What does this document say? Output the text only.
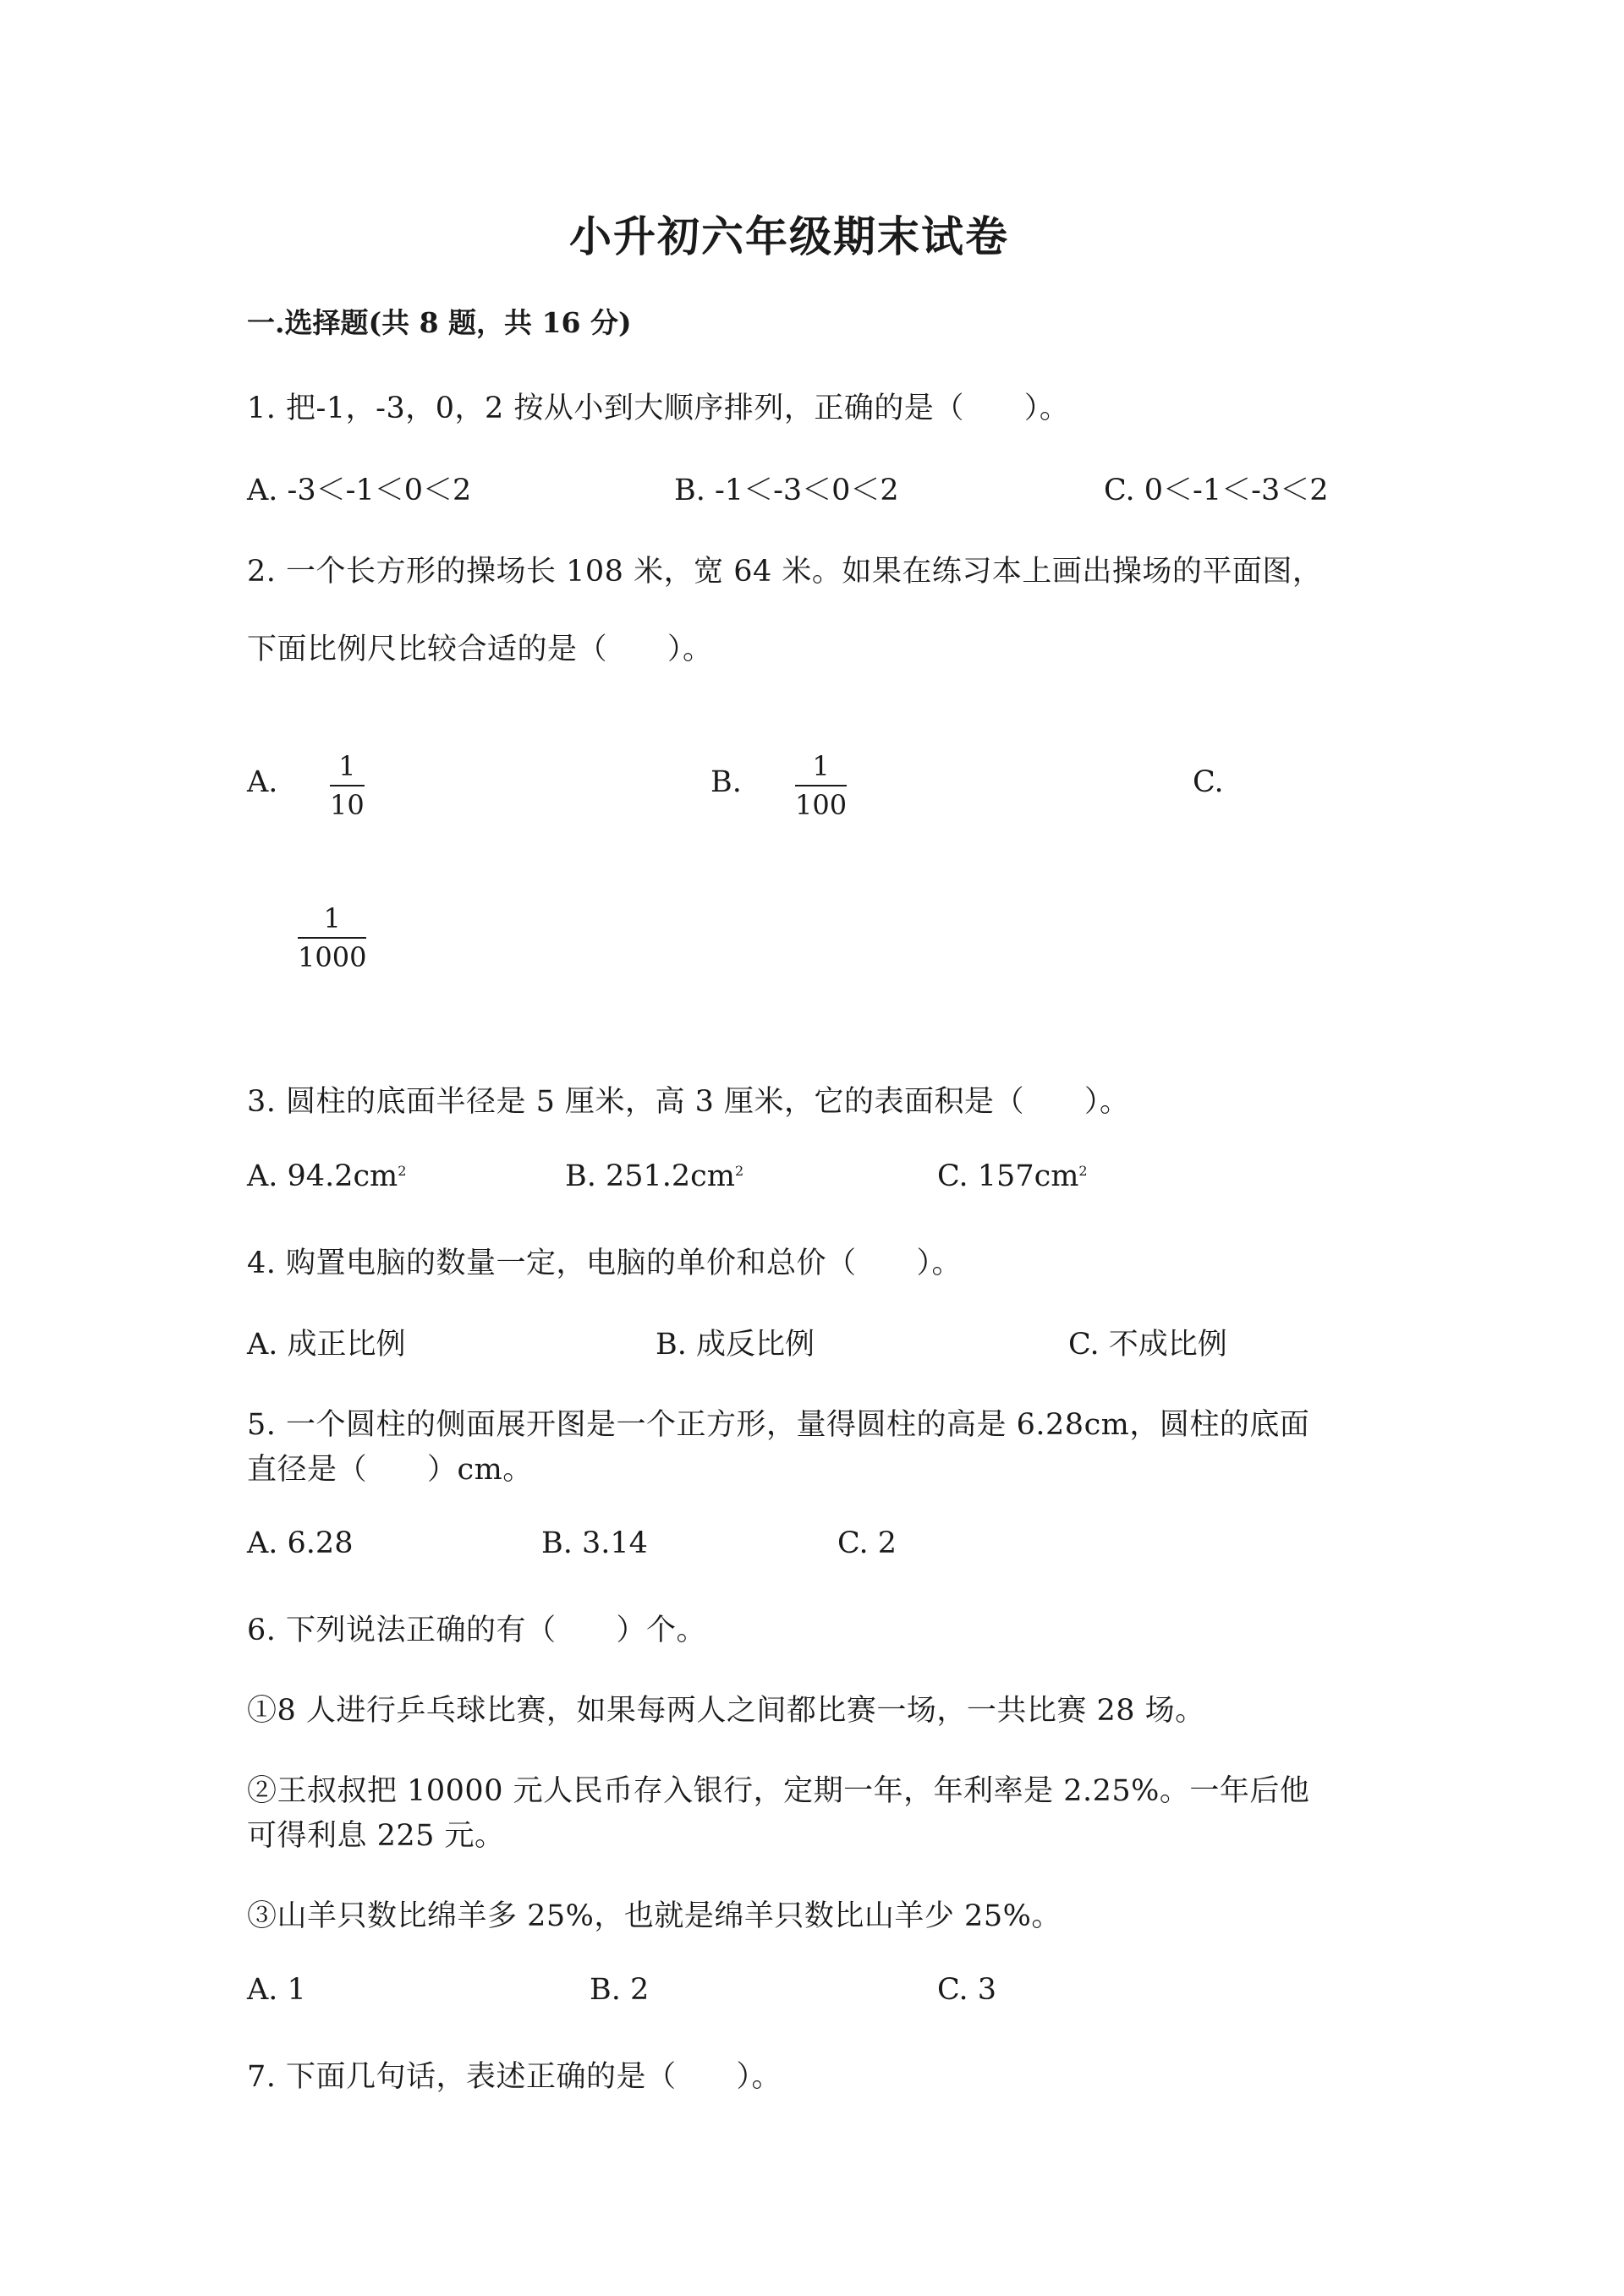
小升初六年级期末试卷
一.选择题(共 8 题，共 16 分)
1. 把-1，-3，0，2 按从小到大顺序排列，正确的是（　　）。
A. -3＜-1＜0＜2	B. -1＜-3＜0＜2	C. 0＜-1＜-3＜2
2. 一个长方形的操场长 108 米，宽 64 米。如果在练习本上画出操场的平面图，
下面比例尺比较合适的是（　　）。
A. 1
10
B.	1
100
C.
1
1000
3. 圆柱的底面半径是 5 厘米，高 3 厘米，它的表面积是（　　）。
A. $94.2cm^2$	B. $251.2cm^2$	C. $157cm^2$
4. 购置电脑的数量一定，电脑的单价和总价（　　）。
A. 成正比例	B. 成反比例	C. 不成比例
5. 一个圆柱的侧面展开图是一个正方形，量得圆柱的高是 6.28cm，圆柱的底面
直径是（　　）cm。
A. 6.28	B. 3.14	C. 2
6. 下列说法正确的有（　　）个。
①8 人进行乒乓球比赛，如果每两人之间都比赛一场，一共比赛 28 场。
②王叔叔把 10000 元人民币存入银行，定期一年，年利率是 2.25%。一年后他
可得利息 225 元。
③山羊只数比绵羊多 25%，也就是绵羊只数比山羊少 25%。
A. 1	B. 2	C. 3
7. 下面几句话，表述正确的是（　　）。
